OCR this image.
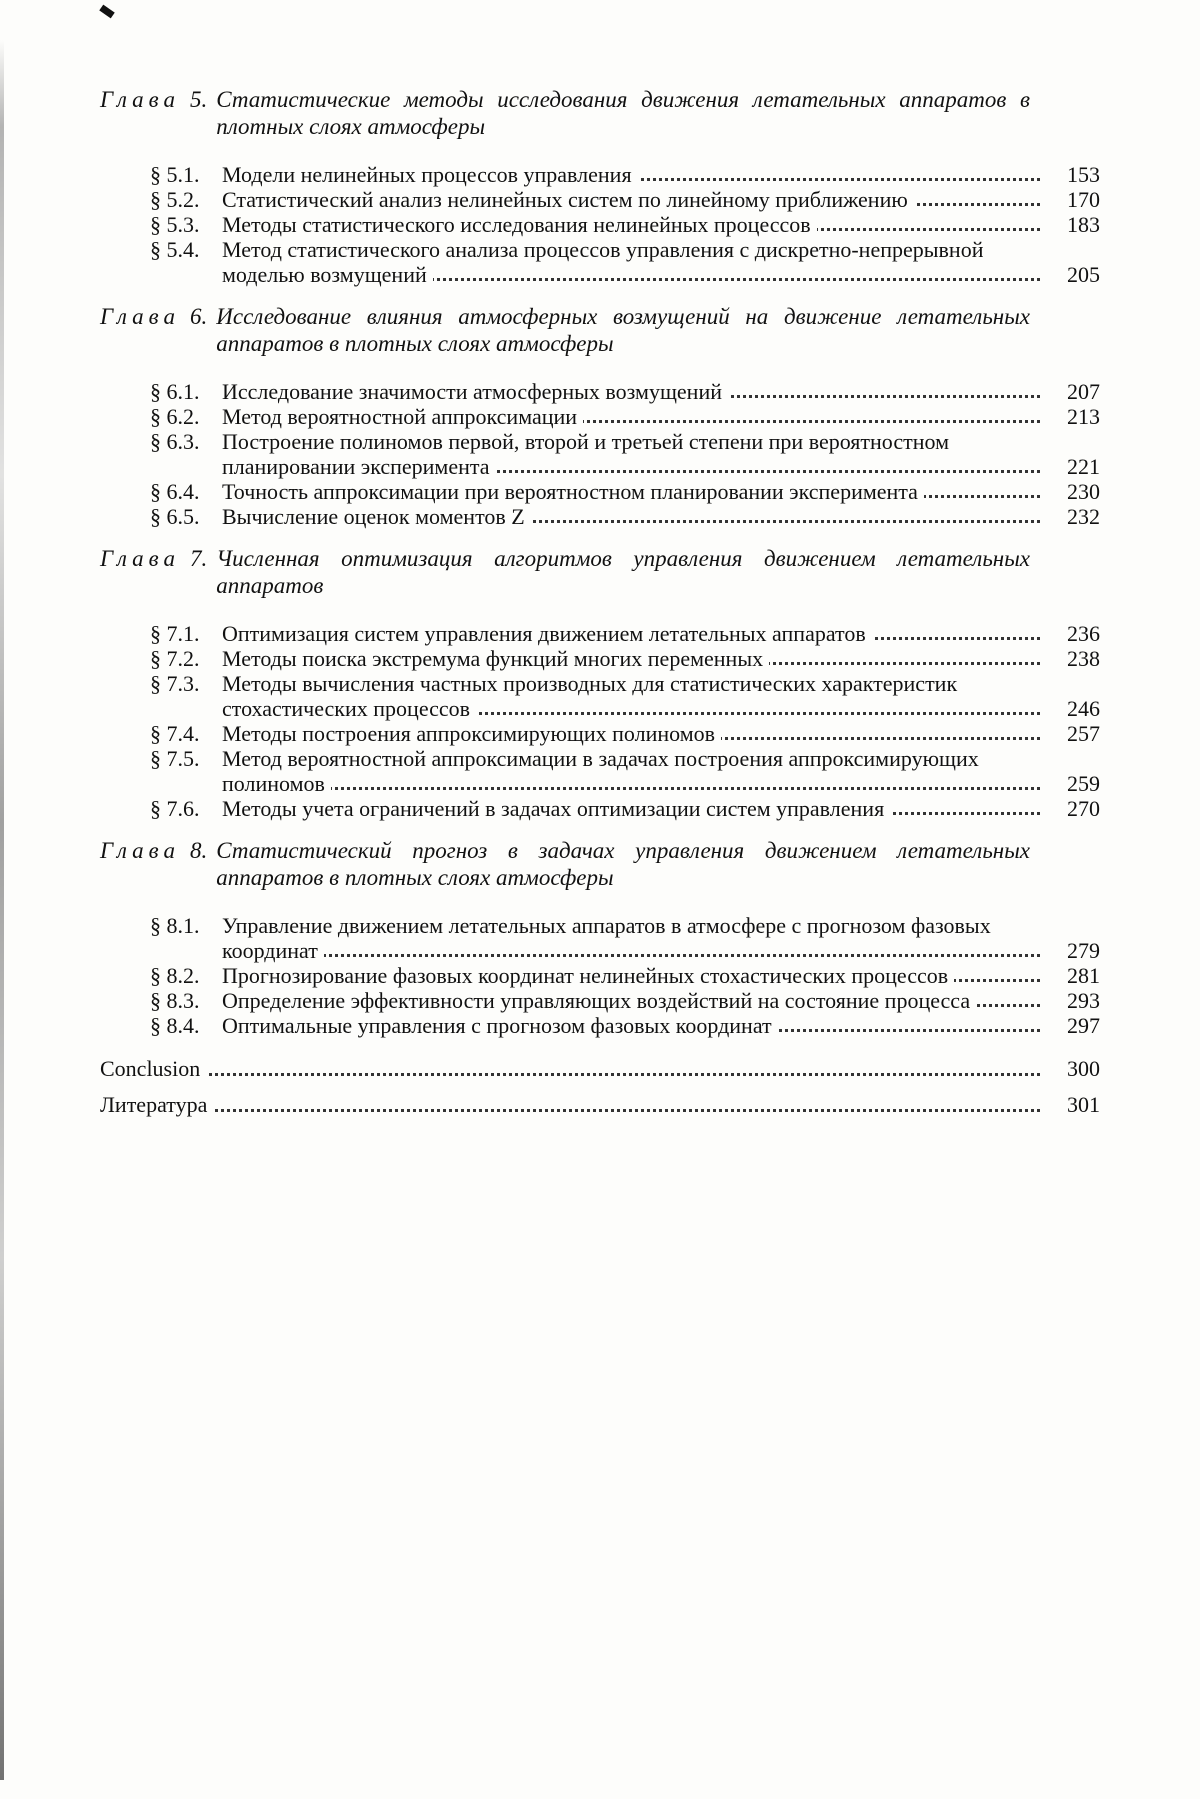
Глава 5. Статистические методы исследования движения летательных аппаратов в плотных слоях атмосферы
§ 5.1.	Модели нелинейных процессов управления	153
§ 5.2.	Статистический анализ нелинейных систем по линейному приближению	170
§ 5.3.	Методы статистического исследования нелинейных процессов	183
§ 5.4.	Метод статистического анализа процессов управления с дискретно-непрерывной моделью возмущений	205
Глава 6. Исследование влияния атмосферных возмущений на движение летательных аппаратов в плотных слоях атмосферы
§ 6.1.	Исследование значимости атмосферных возмущений	207
§ 6.2.	Метод вероятностной аппроксимации	213
§ 6.3.	Построение полиномов первой, второй и третьей степени при вероятностном планировании эксперимента	221
§ 6.4.	Точность аппроксимации при вероятностном планировании эксперимента	230
§ 6.5.	Вычисление оценок моментов Z	232
Глава 7. Численная оптимизация алгоритмов управления движением летательных аппаратов
§ 7.1.	Оптимизация систем управления движением летательных аппаратов	236
§ 7.2.	Методы поиска экстремума функций многих переменных	238
§ 7.3.	Методы вычисления частных производных для статистических характеристик стохастических процессов	246
§ 7.4.	Методы построения аппроксимирующих полиномов	257
§ 7.5.	Метод вероятностной аппроксимации в задачах построения аппроксимирующих полиномов	259
§ 7.6.	Методы учета ограничений в задачах оптимизации систем управления	270
Глава 8. Статистический прогноз в задачах управления движением летательных аппаратов в плотных слоях атмосферы
§ 8.1.	Управление движением летательных аппаратов в атмосфере с прогнозом фазовых координат	279
§ 8.2.	Прогнозирование фазовых координат нелинейных стохастических процессов	281
§ 8.3.	Определение эффективности управляющих воздействий на состояние процесса	293
§ 8.4.	Оптимальные управления с прогнозом фазовых координат	297
Conclusion	300
Литература	301
